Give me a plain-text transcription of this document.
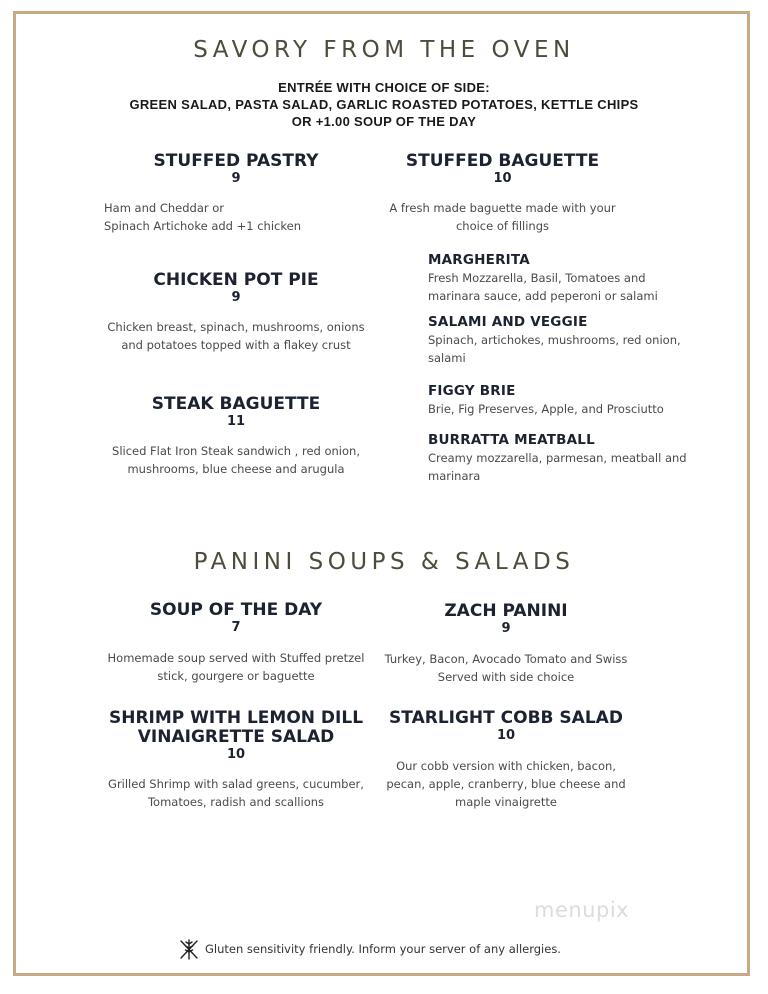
SAVORY FROM THE OVEN
ENTRÉE WITH CHOICE OF SIDE:
GREEN SALAD, PASTA SALAD, GARLIC ROASTED POTATOES, KETTLE CHIPS
OR +1.00 SOUP OF THE DAY
STUFFED PASTRY
9
Ham and Cheddar or
Spinach Artichoke add +1 chicken
CHICKEN POT PIE
9
Chicken breast, spinach, mushrooms, onions
and potatoes topped with a flakey crust
STEAK BAGUETTE
11
Sliced Flat Iron Steak sandwich , red onion,
mushrooms, blue cheese and arugula
STUFFED BAGUETTE
10
A fresh made baguette made with your
choice of fillings
MARGHERITA
Fresh Mozzarella, Basil, Tomatoes and
marinara sauce, add peperoni or salami
SALAMI AND VEGGIE
Spinach, artichokes, mushrooms, red onion,
salami
FIGGY BRIE
Brie, Fig Preserves, Apple, and Prosciutto
BURRATTA MEATBALL
Creamy mozzarella, parmesan, meatball and
marinara
PANINI SOUPS & SALADS
SOUP OF THE DAY
7
Homemade soup served with Stuffed pretzel
stick, gourgere or baguette
ZACH PANINI
9
Turkey, Bacon, Avocado Tomato and Swiss
Served with side choice
SHRIMP WITH LEMON DILL
VINAIGRETTE SALAD
10
Grilled Shrimp with salad greens, cucumber,
Tomatoes, radish and scallions
STARLIGHT COBB SALAD
10
Our cobb version with chicken, bacon,
pecan, apple, cranberry, blue cheese and
maple vinaigrette
menupix
Gluten sensitivity friendly. Inform your server of any allergies.
